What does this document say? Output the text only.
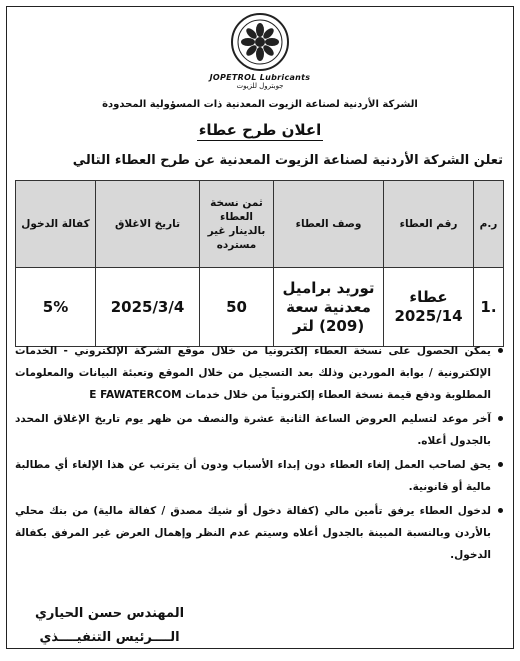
JOPETROL Lubricants
جوبترول للزيوت
الشركة الأردنية لصناعة الزيوت المعدنية ذات المسؤولية المحدودة
اعلان طرح عطاء
تعلن الشركة الأردنية لصناعة الزيوت المعدنية عن طرح العطاء التالي
ر.م	رقم العطاء	وصف العطاء	ثمن نسخة العطاء بالدينار غير مسترده	تاريخ الاغلاق	كفالة الدخول
1.	عطاء 2025/14	توريد براميل معدنية سعة (209) لتر	50	2025/3/4	5%
يمكن الحصول على نسخة العطاء إلكترونيا من خلال موقع الشركة الإلكتروني - الخدمات الإلكترونية / بوابة الموردين وذلك بعد التسجيل من خلال الموقع وتعبئة البيانات والمعلومات المطلوبة ودفع قيمة نسخة العطاء إلكترونياً من خلال خدمات E FAWATERCOM
آخر موعد لتسليم العروض الساعة الثانية عشرة والنصف من ظهر يوم تاريخ الإغلاق المحدد بالجدول أعلاه.
يحق لصاحب العمل إلغاء العطاء دون إبداء الأسباب ودون أن يترتب عن هذا الإلغاء أي مطالبة مالية أو قانونية.
لدخول العطاء يرفق تأمين مالي (كفالة دخول أو شيك مصدق / كفالة مالية) من بنك محلي بالأردن وبالنسبة المبينة بالجدول أعلاه وسيتم عدم النظر وإهمال العرض غير المرفق بكفالة الدخول.
المهندس حسن الحياري
الــــرئيس التنفيــــذي
